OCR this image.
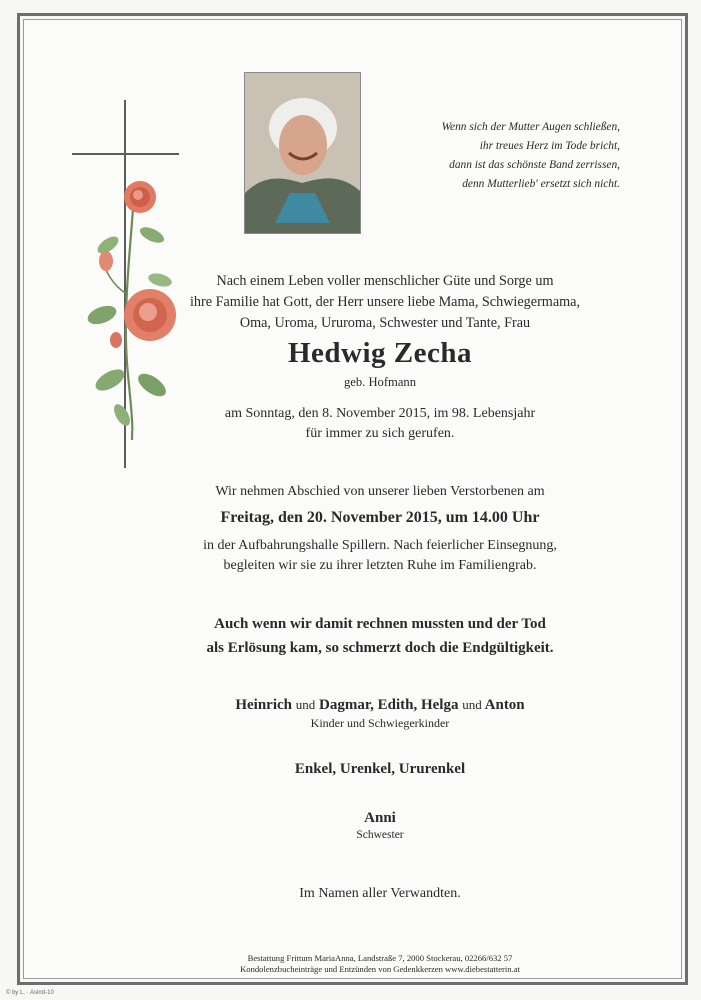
Wenn sich der Mutter Augen schließen,
ihr treues Herz im Tode bricht,
dann ist das schönste Band zerrissen,
denn Mutterlieb' ersetzt sich nicht.
Nach einem Leben voller menschlicher Güte und Sorge um
ihre Familie hat Gott, der Herr unsere liebe Mama, Schwiegermama,
Oma, Uroma, Ururoma, Schwester und Tante, Frau
Hedwig Zecha
geb. Hofmann
am Sonntag, den 8. November 2015, im 98. Lebensjahr
für immer zu sich gerufen.
Wir nehmen Abschied von unserer lieben Verstorbenen am
Freitag, den 20. November 2015, um 14.00 Uhr
in der Aufbahrungshalle Spillern. Nach feierlicher Einsegnung,
begleiten wir sie zu ihrer letzten Ruhe im Familiengrab.
Auch wenn wir damit rechnen mussten und der Tod
als Erlösung kam, so schmerzt doch die Endgültigkeit.
Heinrich und Dagmar, Edith, Helga und Anton
Kinder und Schwiegerkinder
Enkel, Urenkel, Ururenkel
Anni
Schwester
Im Namen aller Verwandten.
Bestattung Frittum MariaAnna, Landstraße 7, 2000 Stockerau, 02266/632 57
Kondolenzbucheinträge und Entzünden von Gedenkkerzen www.diebestatterin.at
© by L. · Asind-10
